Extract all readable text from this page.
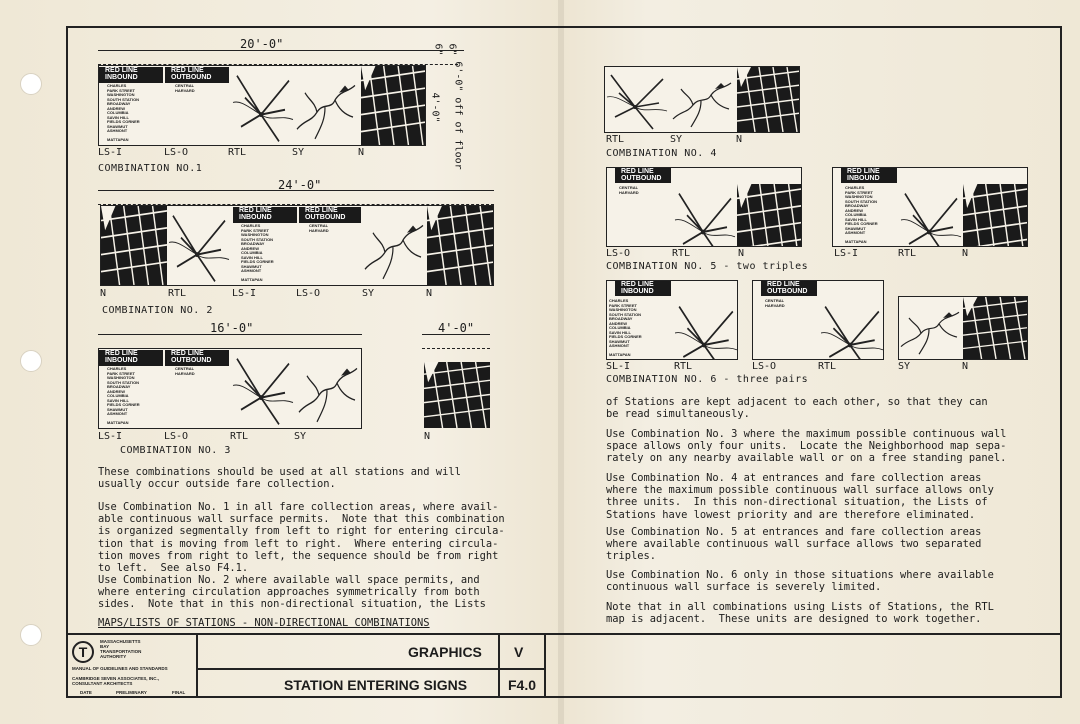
20'-0"	6" 6"
4'-0" 6'-0" off of floor
RED LINE
INBOUND
RED LINE
OUTBOUND
CHARLES
PARK STREET
WASHINGTON
SOUTH STATION
BROADWAY
ANDREW
COLUMBIA
SAVIN HILL
FIELDS CORNER
SHAWMUT
ASHMONT
MATTAPAN
CENTRAL
HARVARD
LS-I	LS-O	RTL	SY	N
COMBINATION NO.1
24'-0"
RED LINE
INBOUND
RED LINE
OUTBOUND
CHARLES
PARK STREET
WASHINGTON
SOUTH STATION
BROADWAY
ANDREW
COLUMBIA
SAVIN HILL
FIELDS CORNER
SHAWMUT
ASHMONT
MATTAPAN
CENTRAL
HARVARD
N	RTL	LS-I	LS-O	SY	N
COMBINATION NO. 2
16'-0"
RED LINE
INBOUND
RED LINE
OUTBOUND
CHARLES
PARK STREET
WASHINGTON
SOUTH STATION
BROADWAY
ANDREW
COLUMBIA
SAVIN HILL
FIELDS CORNER
SHAWMUT
ASHMONT
MATTAPAN
CENTRAL
HARVARD
4'-0"
LS-I	LS-O	RTL	SY	N
COMBINATION NO. 3
These combinations should be used at all stations and will
usually occur outside fare collection.
Use Combination No. 1 in all fare collection areas, where avail-
able continuous wall surface permits.  Note that this combination
is organized segmentally from left to right for entering circula-
tion that is moving from left to right.  Where entering circula-
tion moves from right to left, the sequence should be from right
to left.  See also F4.1.
Use Combination No. 2 where available wall space permits, and
where entering circulation approaches symmetrically from both
sides.  Note that in this non-directional situation, the Lists
MAPS/LISTS OF STATIONS - NON-DIRECTIONAL COMBINATIONS
RTL	SY	N
COMBINATION NO. 4
RED LINE
OUTBOUND
CENTRAL
HARVARD
RED LINE
INBOUND
CHARLES
PARK STREET
WASHINGTON
SOUTH STATION
BROADWAY
ANDREW
COLUMBIA
SAVIN HILL
FIELDS CORNER
SHAWMUT
ASHMONT
MATTAPAN
LS-O	RTL	N	LS-I	RTL	N
COMBINATION NO. 5 - two triples
RED LINE
INBOUND
CHARLES
PARK STREET
WASHINGTON
SOUTH STATION
BROADWAY
ANDREW
COLUMBIA
SAVIN HILL
FIELDS CORNER
SHAWMUT
ASHMONT
MATTAPAN
RED LINE
OUTBOUND
CENTRAL
HARVARD
SL-I	RTL	LS-O	RTL	SY	N
COMBINATION NO. 6 - three pairs
of Stations are kept adjacent to each other, so that they can
be read simultaneously.
Use Combination No. 3 where the maximum possible continuous wall
space allows only four units.  Locate the Neighborhood map sepa-
rately on any nearby available wall or on a free standing panel.
Use Combination No. 4 at entrances and fare collection areas
where the maximum possible continuous wall surface allows only
three units.  In this non-directional situation, the Lists of
Stations have lowest priority and are therefore eliminated.
Use Combination No. 5 at entrances and fare collection areas
where available continuous wall surface allows two separated
triples.
Use Combination No. 6 only in those situations where available
continuous wall surface is severely limited.
Note that in all combinations using Lists of Stations, the RTL
map is adjacent.  These units are designed to work together.
T
MASSACHUSETTS
BAY
TRANSPORTATION
AUTHORITY
MANUAL OF GUIDELINES AND STANDARDS
CAMBRIDGE SEVEN ASSOCIATES, INC.,
CONSULTANT ARCHITECTS
DATE	PRELIMINARY	FINAL
GRAPHICS V
STATION ENTERING SIGNS	F4.0
